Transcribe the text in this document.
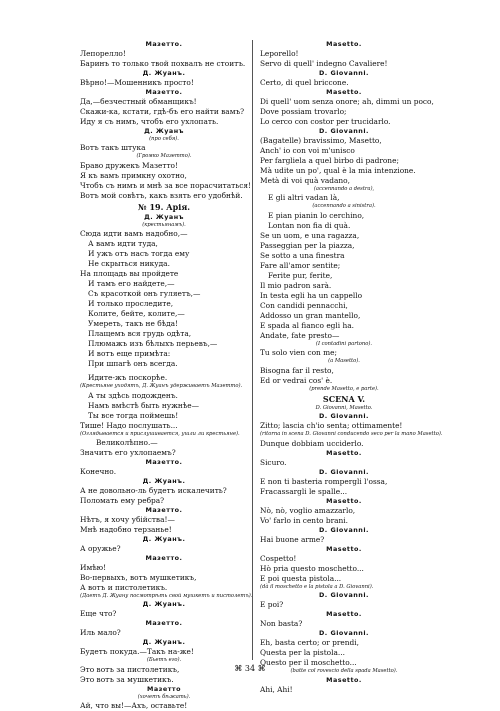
Мазетто.
Лепорелло!
Баринъ то только твой похвалъ не стоитъ.
Д. Жуанъ.
Вѣрно!—Мошенникъ просто!
Мазетто.
Да,—безчестный обманщикъ!
Скажи-ка, кстати, гдѣ-бъ его найти вамъ?
Иду я съ нимъ, чтобъ его ухлопать.
Д. Жуанъ
(про себя).
Вотъ такъ штука
(Громко Мазетто).
Браво дружекъ Мазетто!
Я къ вамъ примкну охотно,
Чтобъ съ нимъ и мнѣ за все порасчитаться!
Вотъ мой совѣтъ, какъ взять его удобнѣй.
№ 19. Арія.
Д. Жуанъ
(крестьянамъ).
Сюда идти вамъ надобно,—
А вамъ идти туда,
И ужъ отъ насъ тогда ему
Не скрыться никуда.
На площадь вы пройдете
И тамъ его найдете,—
Съ красоткой онъ гуляетъ,—
И только проследите,
Колите, бейте, колите,—
Умереть, такъ не бѣда!
Плащемъ вся грудь одѣта,
Плюмажъ изъ бѣлыхъ перьевъ,—
И вотъ еще примѣта:
При шпагѣ онъ всегда.
Идите-жъ поскорѣе.
(Крестьяне уходятъ, Д. Жуанъ удерживаетъ Мазетто).
А ты здѣсь подожденъ.
Намъ вмѣстѣ быть нужнѣе—
Ты все тогда поймешь!
Тише! Надо послушать...
(Оглядывается и прислушивается, ушли ли крестьяне).
Великолѣпно.—
Значитъ его ухлопаемъ?
Мазетто.
Конечно.
Д. Жуанъ.
А не довольно-ль будетъ искалечить?
Поломать ему ребра?
Мазетто.
Нѣтъ, я хочу убійства!—
Мнѣ надобно терзанье!
Д. Жуанъ.
А оружье?
Мазетто.
Имѣю!
Во-первыхъ, вотъ мушкетикъ,
А вотъ и пистолетикъ.
(Даетъ Д. Жуану посмотрѣть свой мушкетъ и пистолетъ).
Д. Жуанъ.
Еще что?
Мазетто.
Иль мало?
Д. Жуанъ.
Будетъ покуда.—Такъ на-же!
(Бьетъ его).
Это вотъ за пистолетикъ,
Это вотъ за мушкетикъ.
Мазетто
(хочетъ бѣжать).
Ай, что вы!—Ахъ, оставьте!
Masetto.
Leporello!
Servo di quell' indegno Cavaliere!
D. Giovanni.
Certo, di quel briccone.
Masetto.
Di quell' uom senza onore; ah, dimmi un poco,
Dove possiam trovarlo;
Lo cerco con costor per trucidarlo.
D. Giovanni.
(Bagatelle) bravissimo, Masetto,
Anch' io con voi m'unisco
Per fargliela a quel birbo di padrone;
Mà udite un po', qual è la mia intenzione.
Metà di voi quà vadano,
(accennando a destra),
E gli altri vadan là,
(accennando a sinistra).
E pian pianin lo cerchino,
Lontan non fia di quà.
Se un uom, e una ragazza,
Passeggian per la piazza,
Se sotto a una finestra
Fare all'amor sentite;
Ferite pur, ferite,
Il mio padron sarà.
In testa egli ha un cappello
Con candidi pennacchi,
Addosso un gran mantello,
E spada al fianco egli ha.
Andate, fate presto—
(I contadini partono).
Tu solo vien con me;
(a Masetto).
Bisogna far il resto,
Ed or vedrai cos' è.
(prende Masetto, e parte).
SCENA V.
D. Giovanni, Masetto.
D. Giovanni.
Zitto; lascia ch'io senta; ottimamente!
(ritorna in scena D. Giovanni conducendo seco per la mano Masetto).
Dunque dobbiam ucciderlo.
Masetto.
Sicuro.
D. Giovanni.
E non ti basteria rompergli l'ossa,
Fracassargli le spalle...
Masetto.
Nò, nò, voglio amazzarlo,
Vo' farlo in cento brani.
D. Giovanni.
Hai buone arme?
Masetto.
Cospetto!
Hò pria questo moschetto...
E poi questa pistola...
(dà il moschetto e la pistola a D. Giovanni).
D. Giovanni.
E poi?
Masetto.
Non basta?
D. Giovanni.
Eh, basta certo; or prendi,
Questa per la pistola...
Questo per il moschetto...
(batte col rovescio della spada Masetto).
Masetto.
Ahi, Ahi!
⌘ 34 ⌘
